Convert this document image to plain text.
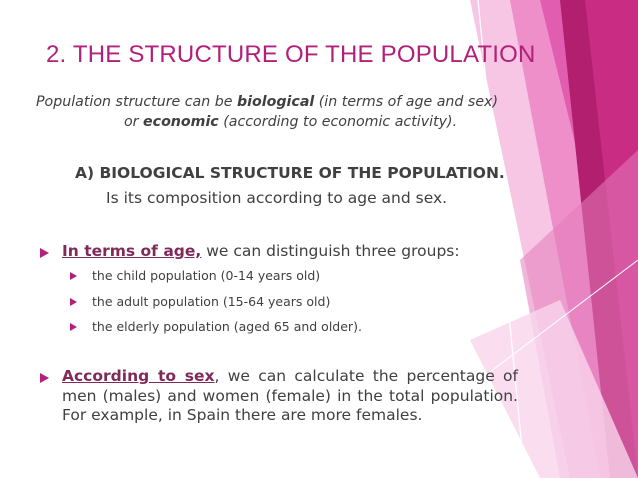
2. THE STRUCTURE OF THE POPULATION
Population structure can be biological (in terms of age and sex)
or economic (according to economic activity).
A) BIOLOGICAL STRUCTURE OF THE POPULATION.
Is its composition according to age and sex.
In terms of age, we can distinguish three groups:
the child population (0-14 years old)
the adult population (15-64 years old)
the elderly population (aged 65 and older).
According to sex, we can calculate the percentage of men (males) and women (female) in the total population. For example, in Spain there are more females.
